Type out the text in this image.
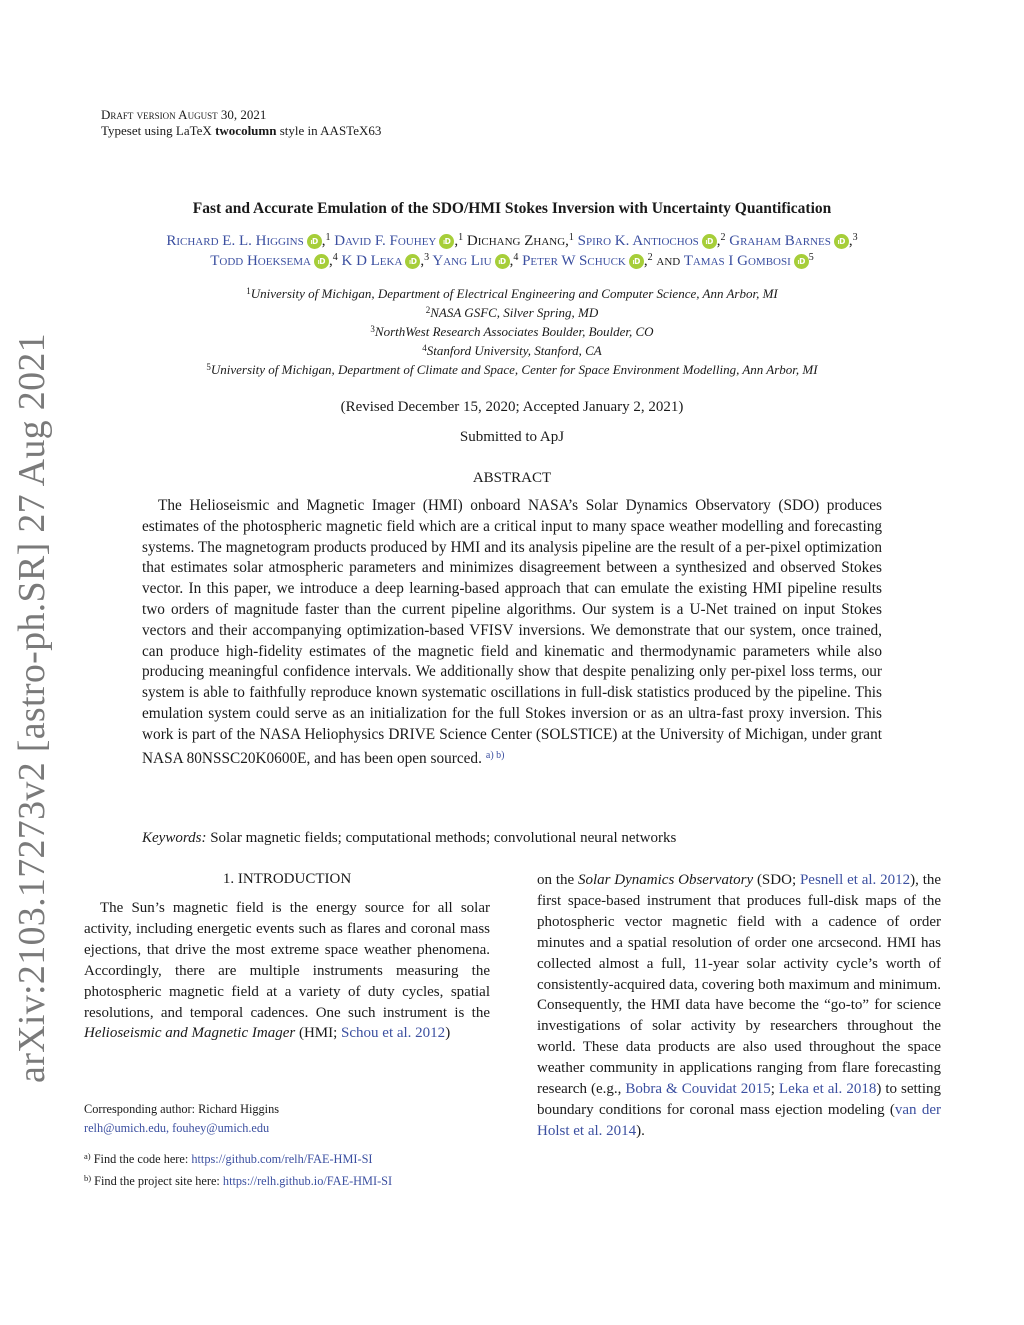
arXiv:2103.17273v2 [astro-ph.SR] 27 Aug 2021
Draft version August 30, 2021
Typeset using LaTeX twocolumn style in AASTeX63
Fast and Accurate Emulation of the SDO/HMI Stokes Inversion with Uncertainty Quantification
Richard E. L. Higgins iD ,$^1$ David F. Fouhey iD ,$^1$ Dichang Zhang,$^1$ Spiro K. Antiochos iD ,$^2$ Graham Barnes iD ,$^3$
Todd Hoeksema iD ,$^4$ K D Leka iD ,$^3$ Yang Liu iD ,$^4$ Peter W Schuck iD ,$^2$ and Tamas I Gombosi iD $^5$
$^1$University of Michigan, Department of Electrical Engineering and Computer Science, Ann Arbor, MI
$^2$NASA GSFC, Silver Spring, MD
$^3$NorthWest Research Associates Boulder, Boulder, CO
$^4$Stanford University, Stanford, CA
$^5$University of Michigan, Department of Climate and Space, Center for Space Environment Modelling, Ann Arbor, MI
(Revised December 15, 2020; Accepted January 2, 2021)
Submitted to ApJ
ABSTRACT
The Helioseismic and Magnetic Imager (HMI) onboard NASA’s Solar Dynamics Observatory (SDO) produces estimates of the photospheric magnetic field which are a critical input to many space weather modelling and forecasting systems. The magnetogram products produced by HMI and its analysis pipeline are the result of a per-pixel optimization that estimates solar atmospheric parameters and minimizes disagreement between a synthesized and observed Stokes vector. In this paper, we introduce a deep learning-based approach that can emulate the existing HMI pipeline results two orders of magnitude faster than the current pipeline algorithms. Our system is a U-Net trained on input Stokes vectors and their accompanying optimization-based VFISV inversions. We demonstrate that our system, once trained, can produce high-fidelity estimates of the magnetic field and kinematic and thermodynamic parameters while also producing meaningful confidence intervals. We additionally show that despite penalizing only per-pixel loss terms, our system is able to faithfully reproduce known systematic oscillations in full-disk statistics produced by the pipeline. This emulation system could serve as an initialization for the full Stokes inversion or as an ultra-fast proxy inversion. This work is part of the NASA Heliophysics DRIVE Science Center (SOLSTICE) at the University of Michigan, under grant NASA 80NSSC20K0600E, and has been open sourced. $^{a) b)}$
Keywords: Solar magnetic fields; computational methods; convolutional neural networks
1. INTRODUCTION
The Sun’s magnetic field is the energy source for all solar activity, including energetic events such as flares and coronal mass ejections, that drive the most extreme space weather phenomena. Accordingly, there are multiple instruments measuring the photospheric magnetic field at a variety of duty cycles, spatial resolutions, and temporal cadences. One such instrument is the Helioseismic and Magnetic Imager (HMI; Schou et al. 2012)
on the Solar Dynamics Observatory (SDO; Pesnell et al. 2012), the first space-based instrument that produces full-disk maps of the photospheric vector magnetic field with a cadence of order minutes and a spatial resolution of order one arcsecond. HMI has collected almost a full, 11-year solar activity cycle’s worth of consistently-acquired data, covering both maximum and minimum. Consequently, the HMI data have become the “go-to” for science investigations of solar activity by researchers throughout the world. These data products are also used throughout the space weather community in applications ranging from flare forecasting research (e.g., Bobra & Couvidat 2015; Leka et al. 2018) to setting boundary conditions for coronal mass ejection modeling (van der Holst et al. 2014).
Corresponding author: Richard Higgins
relh@umich.edu, fouhey@umich.edu
$^{a)}$ Find the code here: https://github.com/relh/FAE-HMI-SI
$^{b)}$ Find the project site here: https://relh.github.io/FAE-HMI-SI
